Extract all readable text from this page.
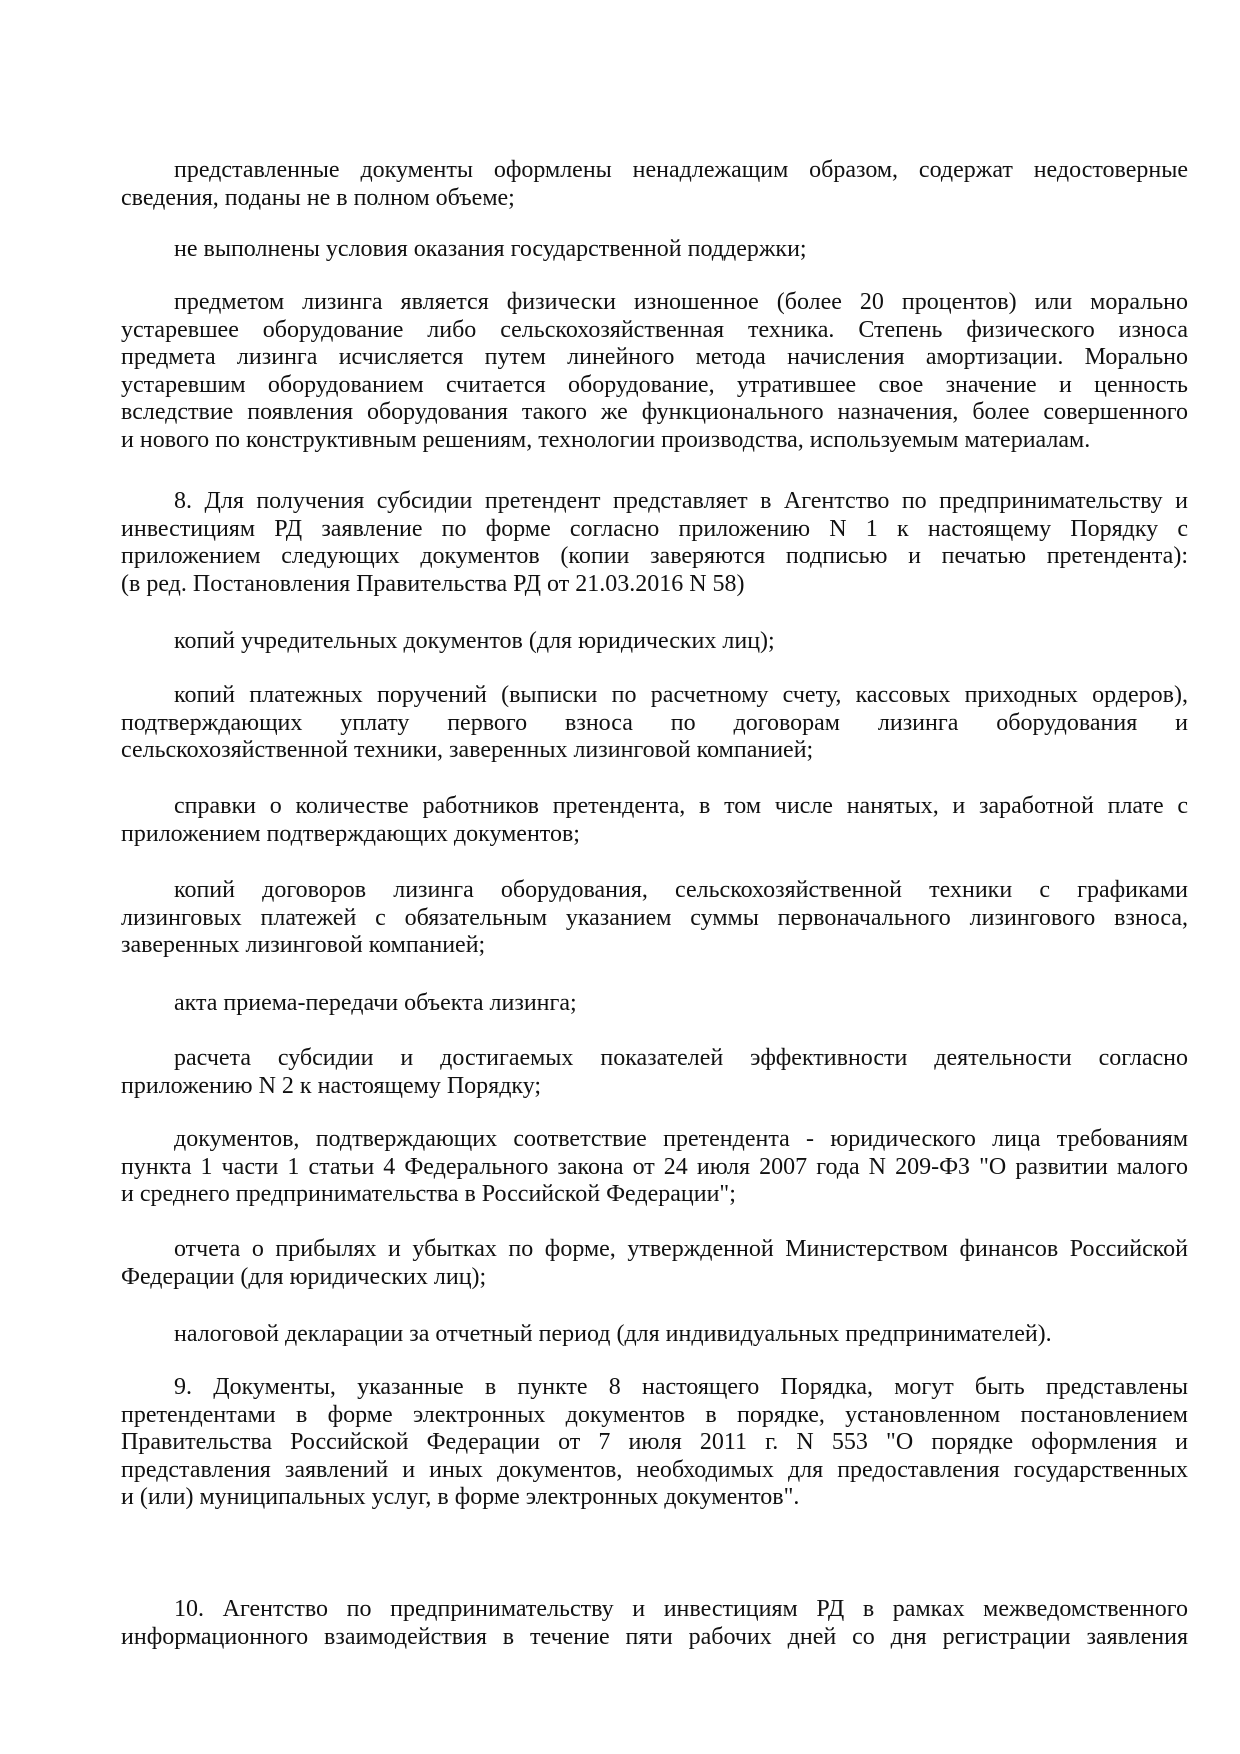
представленные документы оформлены ненадлежащим образом, содержат недостоверные
сведения, поданы не в полном объеме;
не выполнены условия оказания государственной поддержки;
предметом лизинга является физически изношенное (более 20 процентов) или морально
устаревшее оборудование либо сельскохозяйственная техника. Степень физического износа
предмета лизинга исчисляется путем линейного метода начисления амортизации. Морально
устаревшим оборудованием считается оборудование, утратившее свое значение и ценность
вследствие появления оборудования такого же функционального назначения, более совершенного
и нового по конструктивным решениям, технологии производства, используемым материалам.
8. Для получения субсидии претендент представляет в Агентство по предпринимательству и
инвестициям РД заявление по форме согласно приложению N 1 к настоящему Порядку с
приложением следующих документов (копии заверяются подписью и печатью претендента):
(в ред. Постановления Правительства РД от 21.03.2016 N 58)
копий учредительных документов (для юридических лиц);
копий платежных поручений (выписки по расчетному счету, кассовых приходных ордеров),
подтверждающих уплату первого взноса по договорам лизинга оборудования и
сельскохозяйственной техники, заверенных лизинговой компанией;
справки о количестве работников претендента, в том числе нанятых, и заработной плате с
приложением подтверждающих документов;
копий договоров лизинга оборудования, сельскохозяйственной техники с графиками
лизинговых платежей с обязательным указанием суммы первоначального лизингового взноса,
заверенных лизинговой компанией;
акта приема-передачи объекта лизинга;
расчета субсидии и достигаемых показателей эффективности деятельности согласно
приложению N 2 к настоящему Порядку;
документов, подтверждающих соответствие претендента - юридического лица требованиям
пункта 1 части 1 статьи 4 Федерального закона от 24 июля 2007 года N 209-ФЗ "О развитии малого
и среднего предпринимательства в Российской Федерации";
отчета о прибылях и убытках по форме, утвержденной Министерством финансов Российской
Федерации (для юридических лиц);
налоговой декларации за отчетный период (для индивидуальных предпринимателей).
9. Документы, указанные в пункте 8 настоящего Порядка, могут быть представлены
претендентами в форме электронных документов в порядке, установленном постановлением
Правительства Российской Федерации от 7 июля 2011 г. N 553 "О порядке оформления и
представления заявлений и иных документов, необходимых для предоставления государственных
и (или) муниципальных услуг, в форме электронных документов".
10. Агентство по предпринимательству и инвестициям РД в рамках межведомственного
информационного взаимодействия в течение пяти рабочих дней со дня регистрации заявления
